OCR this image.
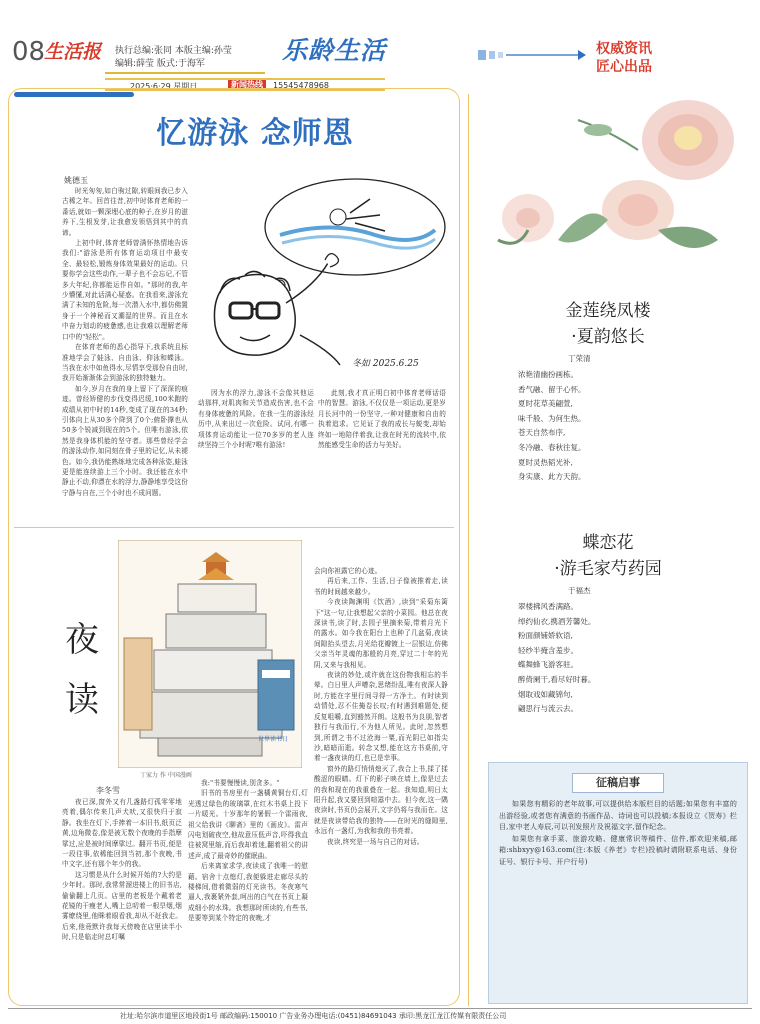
08
生活报 执行总编:张同 本版主编:孙莹
编辑:薛莹 版式:于海军
2025·6·29 星期日	新闻热线	15545478968
乐龄生活	权威资讯
匠心出品
忆游泳 念师恩
姚德玉
冬如 2025.6.25

时光匆匆,如白驹过隙,转眼间我已步入古稀之年。回首往昔,初中时体育老师的一番话,就如一颗深埋心底的种子,在岁月的滋养下,生根发芽,让我愈发领悟到其中的真谛。

上初中时,体育老师曾满怀热情地告诉我们:"游泳是所有体育运动项目中最安全、最轻松,锻炼身体效果最好的运动。只要你学会这些动作,一辈子也不会忘记,不管多大年纪,你都能运作自如。"那时的我,年少懵懂,对此话满心疑惑。在我看来,游泳充满了未知的危险,每一次潜入水中,都仿佛置身于一个神秘而又潮湿的世界。而且在水中奋力划动的疲惫感,也让我难以理解老师口中的"轻松"。

在体育老师的悉心指导下,我系统且标准地学会了蛙泳、自由泳、仰泳和蝶泳。当我在水中如鱼得水,尽情享受那份自由时,我开始渐渐体会到游泳的独特魅力。

如今,岁月在我的身上留下了深深的痕迹。曾经矫健的步伐变得迟缓,100米跑的成绩从初中时的14秒,变成了现在的34秒;引体向上从30多个降到了0个;俯卧撑也从50多个锐减到现在的5个。但唯有游泳,依然是我身体机能的坚守者。那些曾经学会的游泳动作,如同刻在骨子里的记忆,从未褪色。如今,我仍能熟练地完成各种泳姿,蛙泳更是能连续游上三个小时。我还能在水中静止不动,仰漂在水的浮力,静静地享受这份宁静与自在,三个小时也不成问题。

因为水的浮力,游泳不会像其他运动那样,对肌肉和关节造成伤害,也不会有身体疲惫的风险。在我一生的游泳经历中,从来出过一次危险。试问,有哪一项体育运动能让一位70多岁的老人连续坚持三个小时呢?唯有游泳!

此刻,我才真正明白初中体育老师话语中的智慧。游泳,不仅仅是一项运动,更是岁月长河中的一份坚守,一种对健康和自由的执着追求。它见证了我的成长与蜕变,却始终如一地陪伴着我,让我在时光的流转中,依然能感受生命的活力与美好。

夜读
世界读书日
丁家力 作 中国漫画
李冬雪

夜已深,窗外又有几盏路灯孤零零地亮着,偶尔传来几声犬吠,又很快归于寂静。我坐在灯下,手捧着一本旧书,纸页泛黄,边角微卷,像是被无数个夜晚的手指摩挲过,应是被时间摩挲过。翻开书页,便是一段往事,依稀能回到当初,那个夜晚,书中文字,还有那个年少的我。

这习惯是从什么时候开始的?大约是少年时。那时,我常常溜进楼上的旧书店,偷偷翻上几页。店里的老板是个戴着老花镜的干瘦老人,嘴上总叨着一根旱烟,烟雾缭绕里,他眯着眼看我,却从不赶我走。后来,他竟默许我每天傍晚在店里读半小时,只是临走时总叮嘱

我:"书要慢慢读,别贪多。"

旧书的书房里有一盏橘黄铜台灯,灯光透过绿色的玻璃罩,在红木书桌上投下一片暖光。十岁那年的暑假一个雷雨夜,祖父给我讲《聊斋》里的《画皮》。雷声闪电划破夜空,他故意压低声音,吓得我直往被窝里缩,而后我却着迷,翻着祖父的讲述声,成了最奇妙的催眠曲。

后来离家求学,夜读成了我唯一的慰藉。宿舍十点熄灯,我便躲进走廊尽头的楼梯间,借着微弱的灯光读书。冬夜寒气逼人,我裹紧外套,呵出的白气在书页上凝成细小的水珠。我想那时所读的,有些书,是要等到某个特定的夜晚,才

会向你袒露它的心迹。

再后来,工作、生活,日子像被推着走,读书的时间越来越少。

今夜读陶渊明《饮酒》,读到"采菊东篱下"这一句,让我想起父亲的小菜园。他总在夜深读书,读了时,去园子里摘来菊,带着月光下的露水。如今我在阳台上也种了几盆菊,夜读间隙抬头望去,月光给花瓣镀上一层银边,仿佛父亲当年灵魂的那般的月亮,穿过二十年的光阴,又来与我相见。

夜读的妙处,或许就在这份物我相忘的半晕。白日里人声嘈杂,思绪纷乱,唯有夜深人静时,方能在字里行间寻得一方净土。有时读到动情处,忍不住掩卷长叹;有时遇到难题处,便反复咀嚼,直到豁然开朗。这般书为良朋,智者独行与我而行,不为他人所见。此时,忽然想到,所谓之书不过沧海一粟,而光阴已如指尖沙,暗暗而逝。转念又想,能在这方书桌前,守着一盏夜读的灯,也已是幸事。

窗外的路灯悄悄熄灭了,我合上书,揉了揉酸涩的眼睛。灯下的影子映在墙上,像是过去的我和现在的我重叠在一起。我知道,明日太阳升起,我又要回到喧嚣中去。但今夜,这一隅夜读时,书页仍会展开,文字仍将与我而在。这就是夜读带给我的独特——在时光的缝隙里,永远有一盏灯,为我和我的书亮着。

夜读,终究是一场与自己的对话。

金莲绕凤楼
·夏韵悠长
丁荣清
浓艳清幽扮画栋。
香气融、留于心怀。
夏时花草美翩萱,
味千般、为何生热。
苍天自然布序,
冬冷融、春秋往复。
夏时灵热韬光补,
身实康、此方天韵。
蝶恋花
·游毛家芍药园
于福杰
翠楼拂风香满路。
绰约仙衣,携酒芳馨处。
粉面颜铺娇软语,
轻纱半掩含羞步。
蝶舞蜂飞游客驻。
醉倚阑干,看尽好时暮。
烟取戏如藏锦句,
翩思行与流云去。
征稿启事

如果您有精彩的老年故事,可以提供给本版栏目的话题;如果您有丰富的出游经验,或者您有满意的书画作品、诗词也可以投稿;本报设立《贺寿》栏目,家中老人寿辰,可以刊发照片及祝福文字,留作纪念。

如果您有拿手菜、旅游攻略、健康常识等稿件、信件,都欢迎来稿,邮箱:shbxyy@163.com(注:本版《养老》专栏)投稿时请附联系电话、身份证号、银行卡号、开户行号)

社址:哈尔滨市道里区地段街1号 邮政编码:150010 广告业务办理电话:(0451)84691043 承印:黑龙江龙江传媒有限责任公司
